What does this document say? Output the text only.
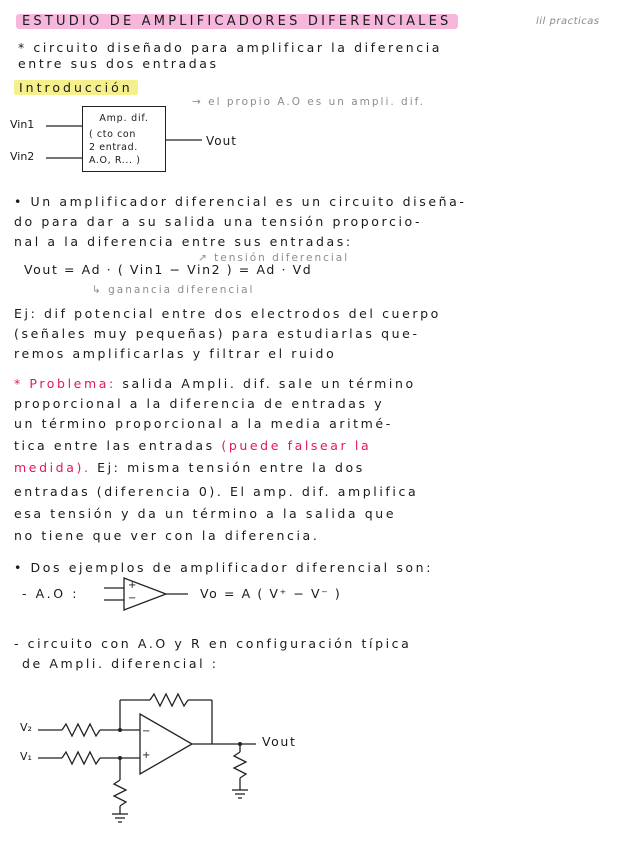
ESTUDIO DE AMPLIFICADORES DIFERENCIALES	lil practicas
* circuito diseñado para amplificar la diferencia
entre sus dos entradas
Introducción
→ el propio A.O es un ampli. dif.
Vin1
Vin2
Vout
Amp. dif.
( cto con
2 entrad.
A.O, R... )
• Un amplificador diferencial es un circuito diseña-
do para dar a su salida una tensión proporcio-
nal a la diferencia entre sus entradas:
↗ tensión diferencial
Vout = Ad · ( Vin1 − Vin2 ) = Ad · Vd
↳ ganancia diferencial
Ej: dif potencial entre dos electrodos del cuerpo
(señales muy pequeñas) para estudiarlas que-
remos amplificarlas y filtrar el ruido
* Problema: salida Ampli. dif. sale un término
proporcional a la diferencia de entradas y
un término proporcional a la media aritmé-
tica entre las entradas (puede falsear la
medida). Ej: misma tensión entre la dos
entradas (diferencia 0). El amp. dif. amplifica
esa tensión y da un término a la salida que
no tiene que ver con la diferencia.
• Dos ejemplos de amplificador diferencial son:
- A.O :
+
−	Vo = A ( V⁺ − V⁻ )
- circuito con A.O y R en configuración típica
de Ampli. diferencial :
V₂
V₁
−
+
Vout
